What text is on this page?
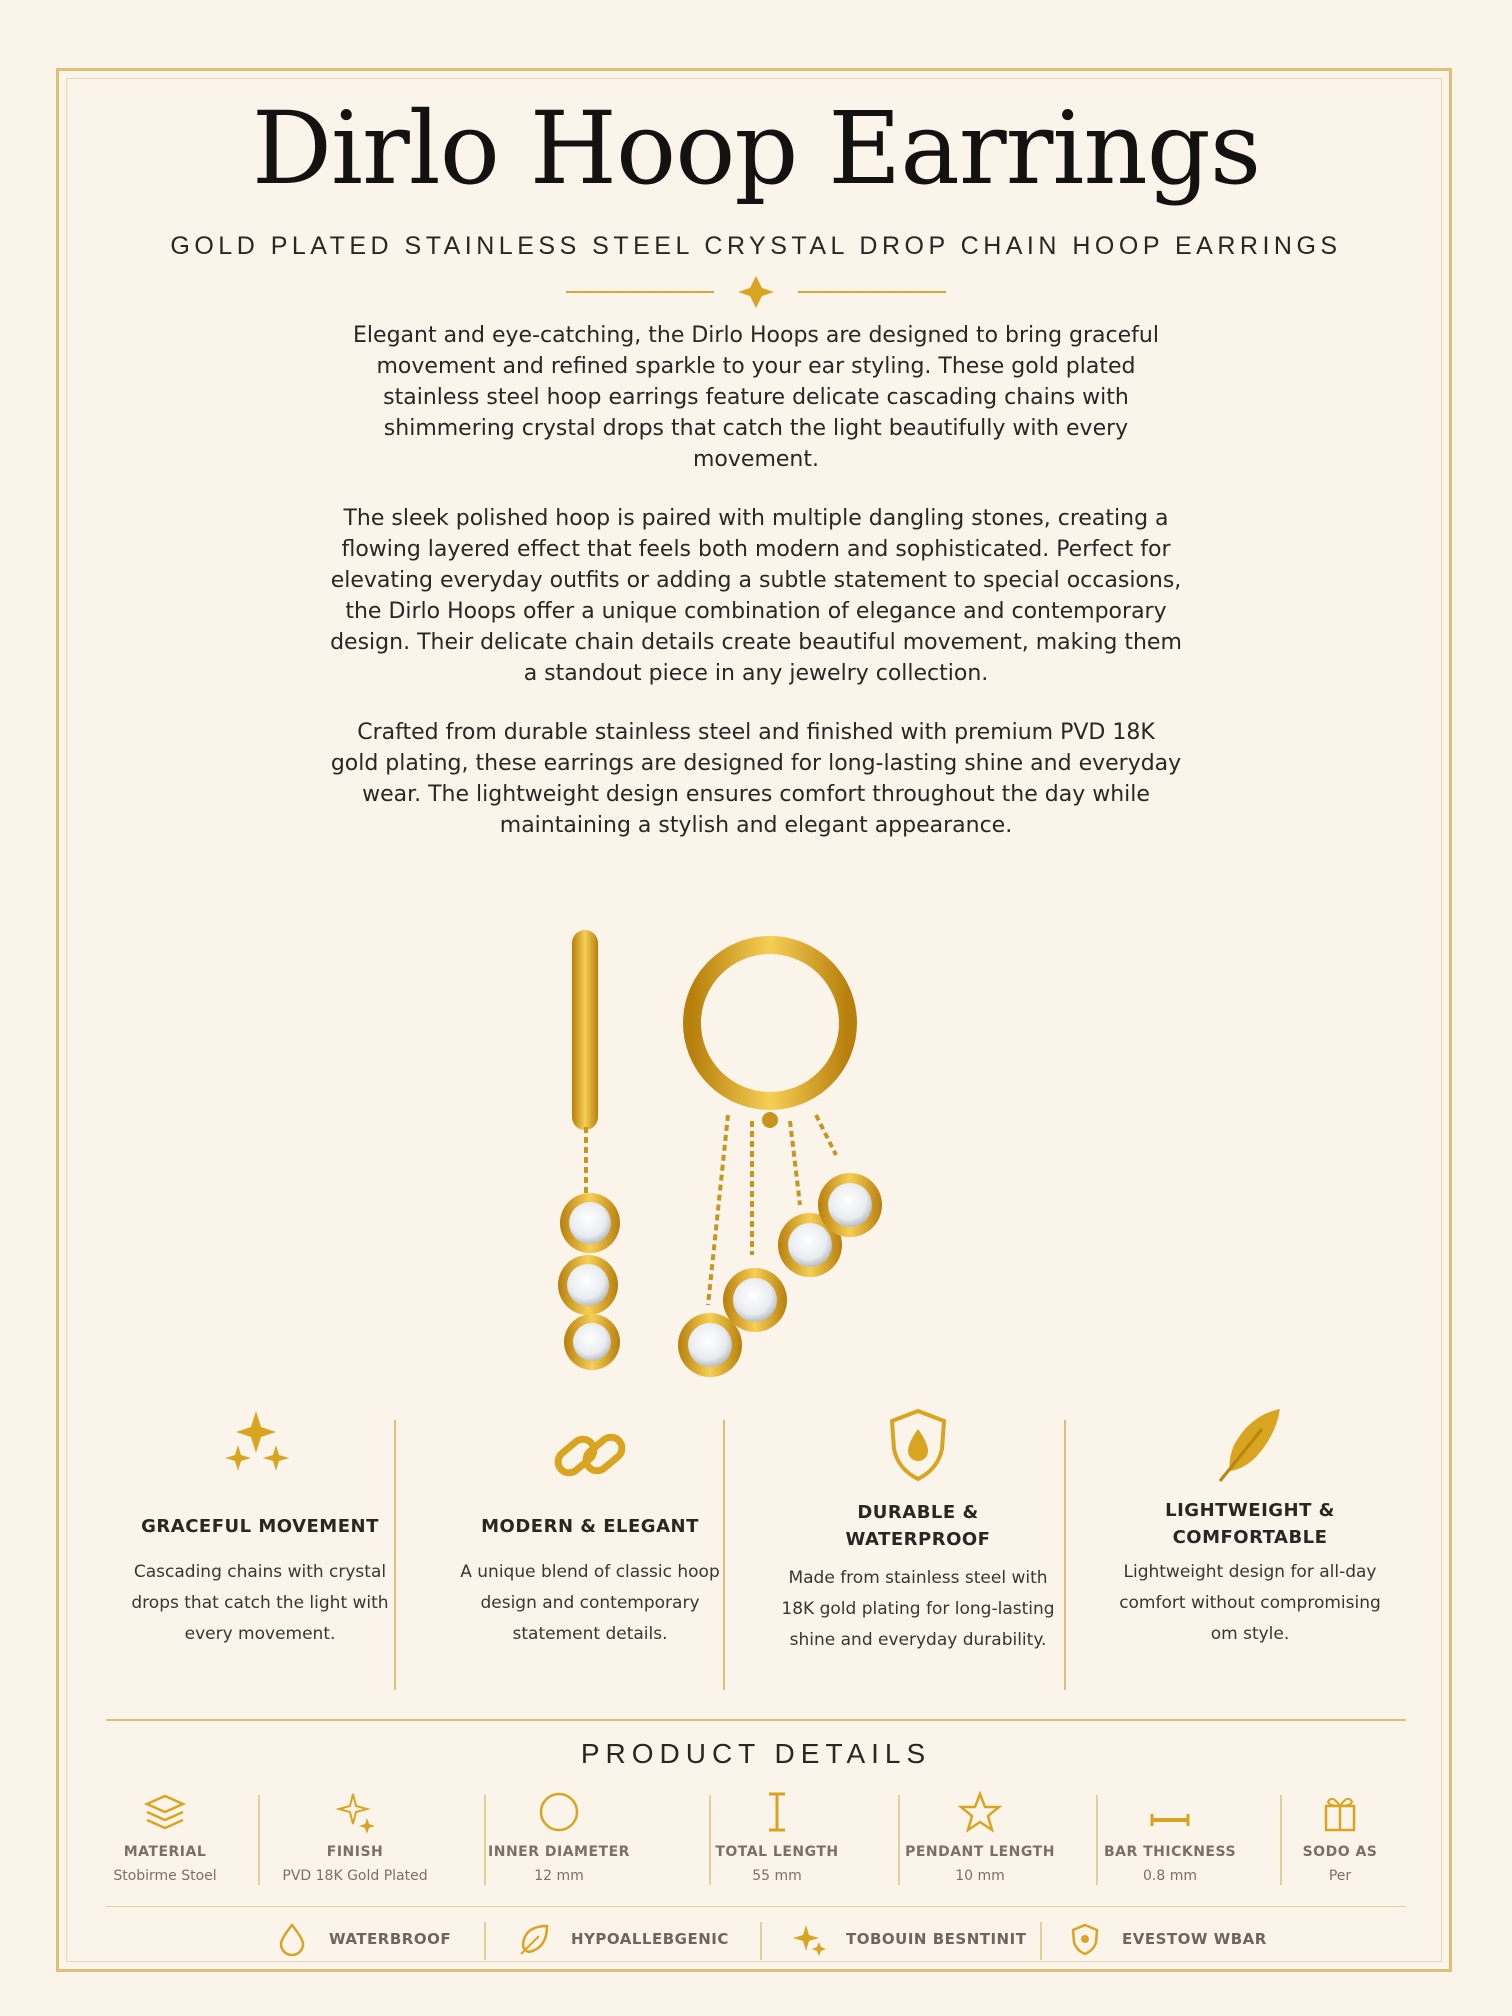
Dirlo Hoop Earrings
GOLD PLATED STAINLESS STEEL CRYSTAL DROP CHAIN HOOP EARRINGS

Elegant and eye-catching, the Dirlo Hoops are designed to bring graceful movement and refined sparkle to your ear styling. These gold plated stainless steel hoop earrings feature delicate cascading chains with shimmering crystal drops that catch the light beautifully with every movement.

The sleek polished hoop is paired with multiple dangling stones, creating a flowing layered effect that feels both modern and sophisticated. Perfect for elevating everyday outfits or adding a subtle statement to special occasions, the Dirlo Hoops offer a unique combination of elegance and contemporary design. Their delicate chain details create beautiful movement, making them a standout piece in any jewelry collection.

Crafted from durable stainless steel and finished with premium PVD 18K gold plating, these earrings are designed for long-lasting shine and everyday wear. The lightweight design ensures comfort throughout the day while maintaining a stylish and elegant appearance.

GRACEFUL MOVEMENT
Cascading chains with crystal drops that catch the light with every movement.
MODERN & ELEGANT
A unique blend of classic hoop design and contemporary statement details.
DURABLE & WATERPROOF
Made from stainless steel with 18K gold plating for long-lasting shine and everyday durability.
LIGHTWEIGHT & COMFORTABLE
Lightweight design for all-day comfort without compromising om style.
PRODUCT DETAILS
MATERIAL
Stobirme Stoel
FINISH
PVD 18K Gold Plated
INNER DIAMETER
12 mm
TOTAL LENGTH
55 mm
PENDANT LENGTH
10 mm
BAR THICKNESS
0.8 mm
SODO AS
Per
WATERBROOF	HYPOALLEBGENIC	TOBOUIN BESNTINIT	EVESTOW WBAR
